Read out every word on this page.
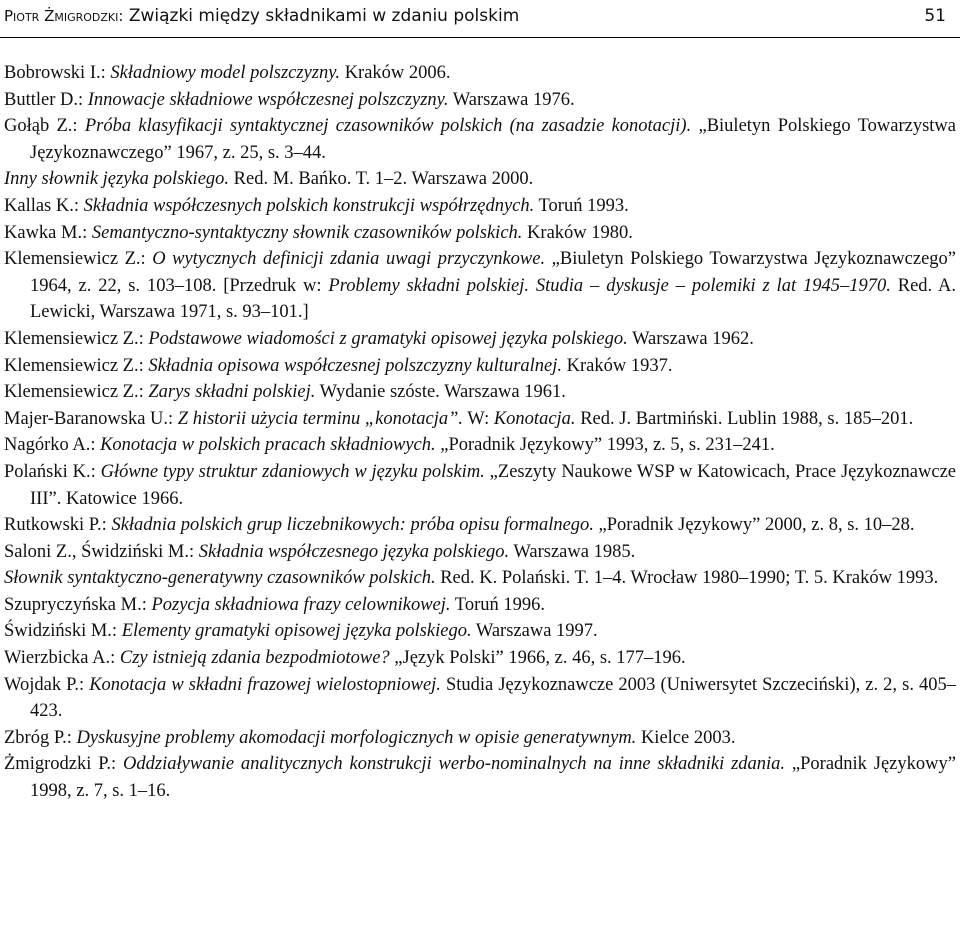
Piotr Żmigrodzki: Związki między składnikami w zdaniu polskim	51

Bobrowski I.: Składniowy model polszczyzny. Kraków 2006.

Buttler D.: Innowacje składniowe współczesnej polszczyzny. Warszawa 1976.

Gołąb Z.: Próba klasyfikacji syntaktycznej czasowników polskich (na zasadzie konotacji). „Biuletyn Polskiego Towarzystwa Językoznawczego” 1967, z. 25, s. 3–44.

Inny słownik języka polskiego. Red. M. Bańko. T. 1–2. Warszawa 2000.

Kallas K.: Składnia współczesnych polskich konstrukcji współrzędnych. Toruń 1993.

Kawka M.: Semantyczno-syntaktyczny słownik czasowników polskich. Kraków 1980.

Klemensiewicz Z.: O wytycznych definicji zdania uwagi przyczynkowe. „Biuletyn Polskiego Towarzystwa Językoznawczego” 1964, z. 22, s. 103–108. [Przedruk w: Problemy składni polskiej. Studia – dyskusje – polemiki z lat 1945–1970. Red. A. Lewicki, Warszawa 1971, s. 93–101.]

Klemensiewicz Z.: Podstawowe wiadomości z gramatyki opisowej języka polskiego. Warszawa 1962.

Klemensiewicz Z.: Składnia opisowa współczesnej polszczyzny kulturalnej. Kraków 1937.

Klemensiewicz Z.: Zarys składni polskiej. Wydanie szóste. Warszawa 1961.

Majer-Baranowska U.: Z historii użycia terminu „konotacja”. W: Konotacja. Red. J. Bartmiński. Lublin 1988, s. 185–201.

Nagórko A.: Konotacja w polskich pracach składniowych. „Poradnik Językowy” 1993, z. 5, s. 231–241.

Polański K.: Główne typy struktur zdaniowych w języku polskim. „Zeszyty Naukowe WSP w Katowicach, Prace Językoznawcze III”. Katowice 1966.

Rutkowski P.: Składnia polskich grup liczebnikowych: próba opisu formalnego. „Poradnik Językowy” 2000, z. 8, s. 10–28.

Saloni Z., Świdziński M.: Składnia współczesnego języka polskiego. Warszawa 1985.

Słownik syntaktyczno-generatywny czasowników polskich. Red. K. Polański. T. 1–4. Wrocław 1980–1990; T. 5. Kraków 1993.

Szupryczyńska M.: Pozycja składniowa frazy celownikowej. Toruń 1996.

Świdziński M.: Elementy gramatyki opisowej języka polskiego. Warszawa 1997.

Wierzbicka A.: Czy istnieją zdania bezpodmiotowe? „Język Polski” 1966, z. 46, s. 177–196.

Wojdak P.: Konotacja w składni frazowej wielostopniowej. Studia Językoznawcze 2003 (Uniwersytet Szczeciński), z. 2, s. 405–423.

Zbróg P.: Dyskusyjne problemy akomodacji morfologicznych w opisie generatywnym. Kielce 2003.

Żmigrodzki P.: Oddziaływanie analitycznych konstrukcji werbo-nominalnych na inne składniki zdania. „Poradnik Językowy” 1998, z. 7, s. 1–16.
